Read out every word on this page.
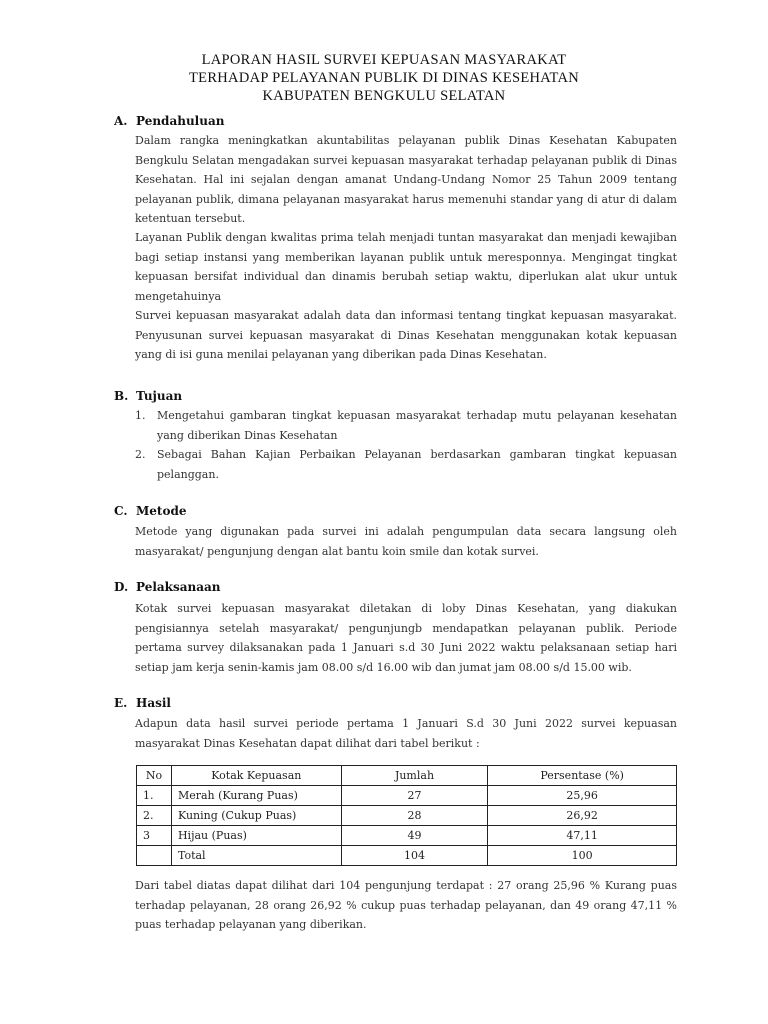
LAPORAN HASIL SURVEI KEPUASAN MASYARAKAT
TERHADAP PELAYANAN PUBLIK DI DINAS KESEHATAN
KABUPATEN BENGKULU SELATAN
A. Pendahuluan
Dalam rangka meningkatkan akuntabilitas pelayanan publik Dinas Kesehatan Kabupaten Bengkulu Selatan mengadakan survei kepuasan masyarakat terhadap pelayanan publik di Dinas Kesehatan. Hal ini sejalan dengan amanat Undang-Undang Nomor 25 Tahun 2009 tentang pelayanan publik, dimana pelayanan masyarakat harus memenuhi standar yang di atur di dalam ketentuan tersebut.
Layanan Publik dengan kwalitas prima telah menjadi tuntan masyarakat dan menjadi kewajiban bagi setiap instansi yang memberikan layanan publik untuk meresponnya. Mengingat tingkat kepuasan bersifat individual dan dinamis berubah setiap waktu, diperlukan alat ukur untuk mengetahuinya
Survei kepuasan masyarakat adalah data dan informasi tentang tingkat kepuasan masyarakat. Penyusunan survei kepuasan masyarakat di Dinas Kesehatan menggunakan kotak kepuasan yang di isi guna menilai pelayanan yang diberikan pada Dinas Kesehatan.
B. Tujuan
1.	Mengetahui gambaran tingkat kepuasan masyarakat terhadap mutu pelayanan kesehatan yang diberikan Dinas Kesehatan
2.	Sebagai Bahan Kajian Perbaikan Pelayanan berdasarkan gambaran tingkat kepuasan pelanggan.
C. Metode
Metode yang digunakan pada survei ini adalah pengumpulan data secara langsung oleh masyarakat/ pengunjung dengan alat bantu koin smile dan kotak survei.
D. Pelaksanaan
Kotak survei kepuasan masyarakat diletakan di loby Dinas Kesehatan, yang diakukan pengisiannya setelah masyarakat/ pengunjungb mendapatkan pelayanan publik. Periode pertama survey dilaksanakan pada 1 Januari s.d 30 Juni 2022 waktu pelaksanaan setiap hari setiap jam kerja senin-kamis jam 08.00 s/d 16.00 wib dan jumat jam 08.00 s/d 15.00 wib.
E. Hasil
Adapun data hasil survei periode pertama 1 Januari S.d 30 Juni 2022 survei kepuasan masyarakat Dinas Kesehatan dapat dilihat dari tabel berikut :
No	Kotak Kepuasan	Jumlah	Persentase (%)
1.	Merah (Kurang Puas)	27	25,96
2.	Kuning (Cukup Puas)	28	26,92
3	Hijau (Puas)	49	47,11
	Total	104	100
Dari tabel diatas dapat dilihat dari 104 pengunjung terdapat : 27 orang 25,96 % Kurang puas terhadap pelayanan, 28 orang 26,92 % cukup puas terhadap pelayanan, dan 49 orang 47,11 % puas terhadap pelayanan yang diberikan.
